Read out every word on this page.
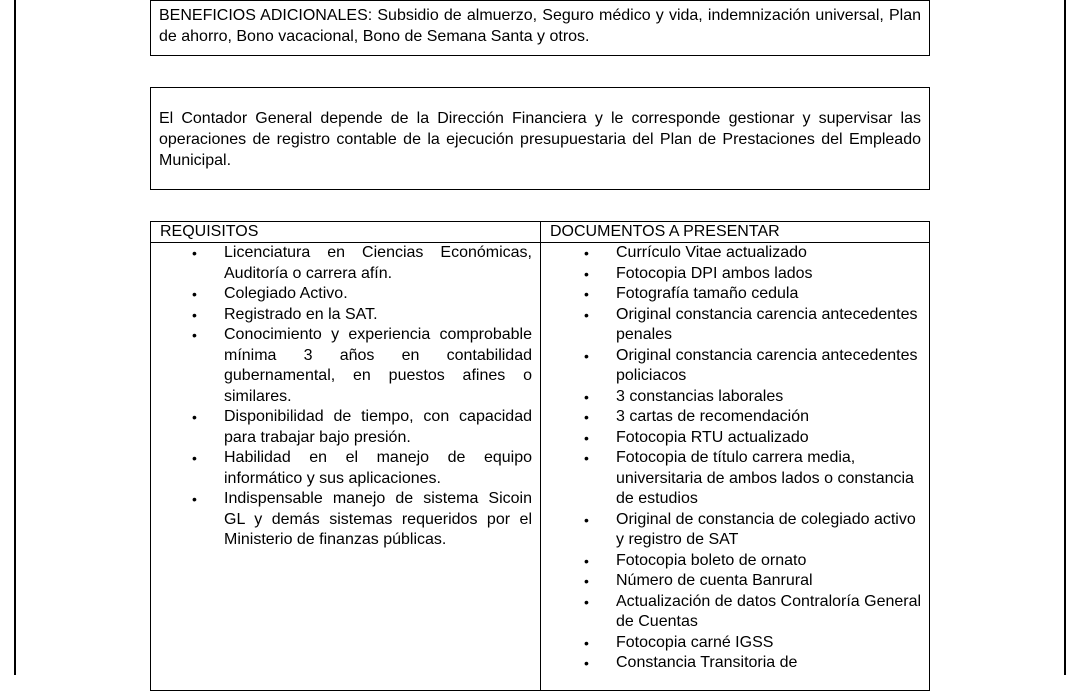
BENEFICIOS ADICIONALES: Subsidio de almuerzo, Seguro médico y vida, indemnización universal, Plan de ahorro, Bono vacacional, Bono de Semana Santa y otros.
El Contador General depende de la Dirección Financiera y le corresponde gestionar y supervisar las operaciones de registro contable de la ejecución presupuestaria del Plan de Prestaciones del Empleado Municipal.
REQUISITOS	DOCUMENTOS A PRESENTAR
• Licenciatura en Ciencias Económicas, Auditoría o carrera afín.
• Colegiado Activo.
• Registrado en la SAT.
• Conocimiento y experiencia comprobable mínima 3 años en contabilidad gubernamental, en puestos afines o similares.
• Disponibilidad de tiempo, con capacidad para trabajar bajo presión.
• Habilidad en el manejo de equipo informático y sus aplicaciones.
• Indispensable manejo de sistema Sicoin GL y demás sistemas requeridos por el Ministerio de finanzas públicas.
• Currículo Vitae actualizado
• Fotocopia DPI ambos lados
• Fotografía tamaño cedula
• Original constancia carencia antecedentes penales
• Original constancia carencia antecedentes policiacos
• 3 constancias laborales
• 3 cartas de recomendación
• Fotocopia RTU actualizado
• Fotocopia de título carrera media, universitaria de ambos lados o constancia de estudios
• Original de constancia de colegiado activo y registro de SAT
• Fotocopia boleto de ornato
• Número de cuenta Banrural
• Actualización de datos Contraloría General de Cuentas
• Fotocopia carné IGSS
• Constancia Transitoria de
